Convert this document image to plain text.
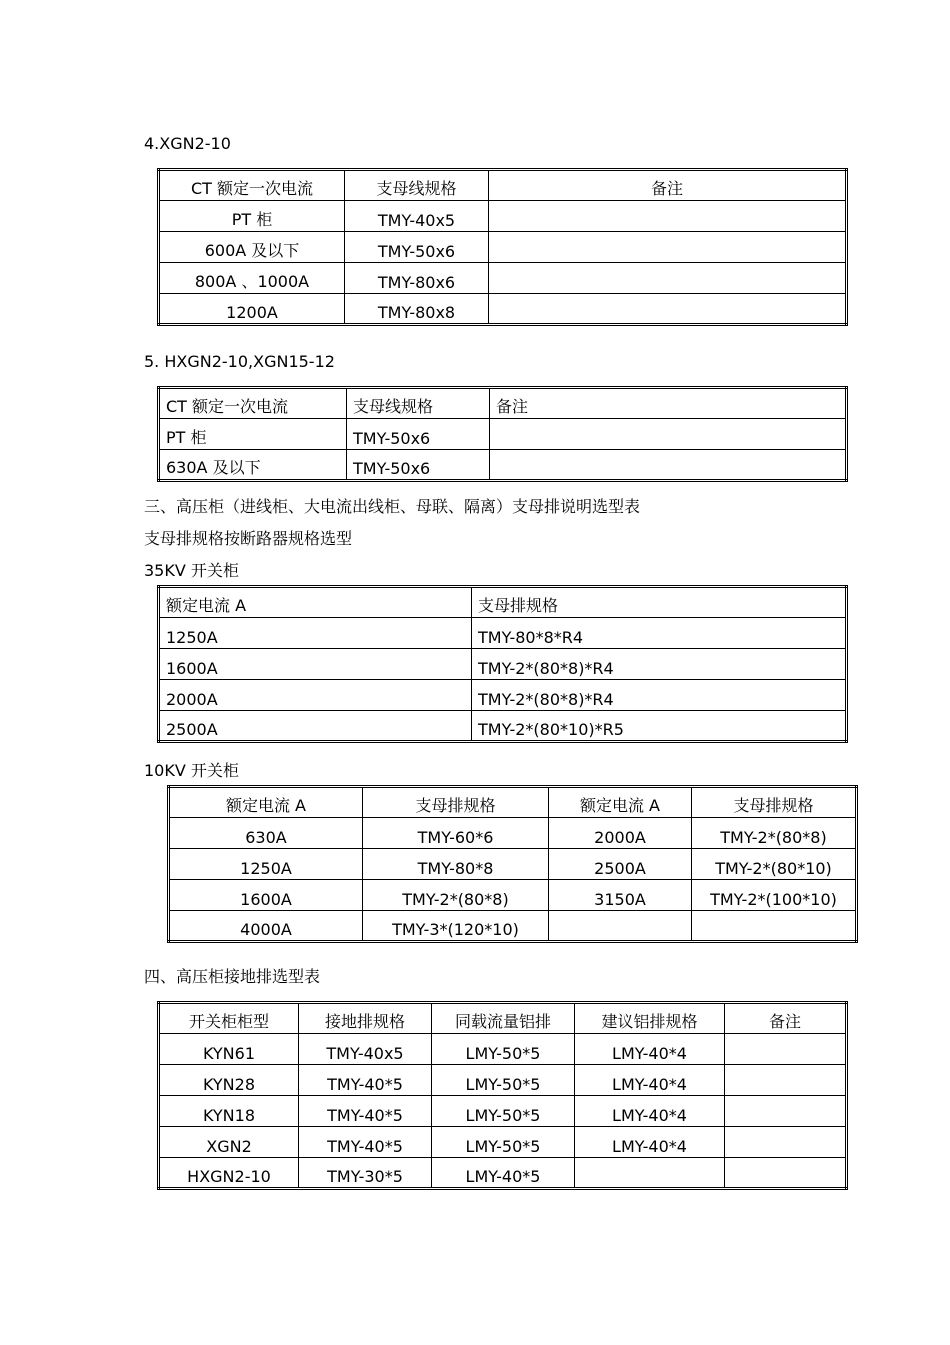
4.XGN2-10
CT 额定一次电流	支母线规格	备注
PT 柜	TMY-40x5	
600A 及以下	TMY-50x6	
800A 、1000A	TMY-80x6	
1200A	TMY-80x8	
5. HXGN2-10,XGN15-12
CT 额定一次电流	支母线规格	备注
PT 柜	TMY-50x6	
630A 及以下	TMY-50x6	
三、高压柜（进线柜、大电流出线柜、母联、隔离）支母排说明选型表
支母排规格按断路器规格选型
35KV 开关柜
额定电流 A	支母排规格
1250A	TMY-80*8*R4
1600A	TMY-2*(80*8)*R4
2000A	TMY-2*(80*8)*R4
2500A	TMY-2*(80*10)*R5
10KV 开关柜
额定电流 A	支母排规格	额定电流 A	支母排规格
630A	TMY-60*6	2000A	TMY-2*(80*8)
1250A	TMY-80*8	2500A	TMY-2*(80*10)
1600A	TMY-2*(80*8)	3150A	TMY-2*(100*10)
4000A	TMY-3*(120*10)		
四、高压柜接地排选型表
开关柜柜型	接地排规格	同载流量铝排	建议铝排规格	备注
KYN61	TMY-40x5	LMY-50*5	LMY-40*4	
KYN28	TMY-40*5	LMY-50*5	LMY-40*4	
KYN18	TMY-40*5	LMY-50*5	LMY-40*4	
XGN2	TMY-40*5	LMY-50*5	LMY-40*4	
HXGN2-10	TMY-30*5	LMY-40*5		
